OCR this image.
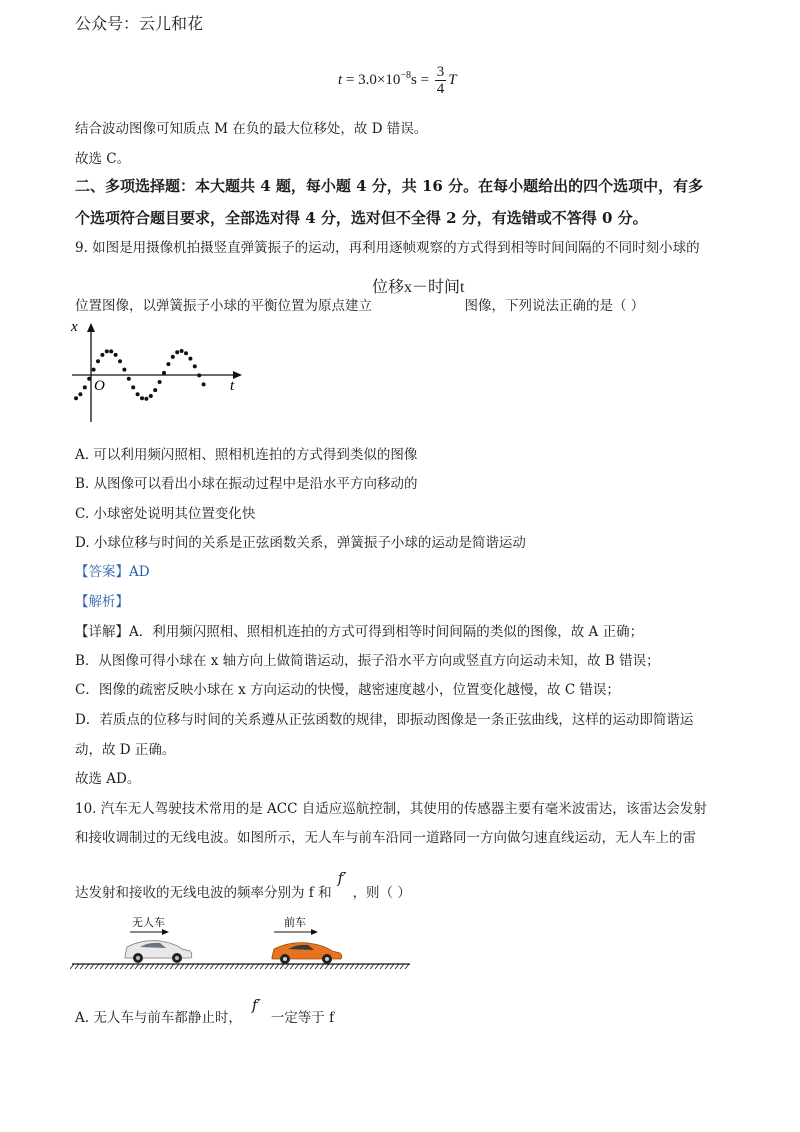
公众号：云儿和花
$t = 3.0\times 10^{-8}s = \frac{3}{4}$ T
结合波动图像可知质点 M 在负的最大位移处，故 D 错误。
故选 C。
二、多项选择题：本大题共 4 题，每小题 4 分，共 16 分。在每小题给出的四个选项中，有多
个选项符合题目要求，全部选对得 4 分，选对但不全得 2 分，有选错或不答得 0 分。
9. 如图是用摄像机拍摄竖直弹簧振子的运动，再利用逐帧观察的方式得到相等时间间隔的不同时刻小球的
位置图像，以弹簧振子小球的平衡位置为原点建立位移x－时间t图像，下列说法正确的是（ ）
x
t
O
A. 可以利用频闪照相、照相机连拍的方式得到类似的图像
B. 从图像可以看出小球在振动过程中是沿水平方向移动的
C. 小球密处说明其位置变化快
D. 小球位移与时间的关系是正弦函数关系，弹簧振子小球的运动是简谐运动
【答案】AD
【解析】
【详解】A．利用频闪照相、照相机连拍的方式可得到相等时间间隔的类似的图像，故 A 正确；
B．从图像可得小球在 x 轴方向上做简谐运动，振子沿水平方向或竖直方向运动未知，故 B 错误；
C．图像的疏密反映小球在 x 方向运动的快慢，越密速度越小，位置变化越慢，故 C 错误；
D．若质点的位移与时间的关系遵从正弦函数的规律，即振动图像是一条正弦曲线，这样的运动即简谐运
动，故 D 正确。
故选 AD。
10. 汽车无人驾驶技术常用的是 ACC 自适应巡航控制，其使用的传感器主要有毫米波雷达，该雷达会发射
和接收调制过的无线电波。如图所示，无人车与前车沿同一道路同一方向做匀速直线运动，无人车上的雷
达发射和接收的无线电波的频率分别为 f 和f′，则（ ）
无人车	前车
A. 无人车与前车都静止时，f′一定等于 f
